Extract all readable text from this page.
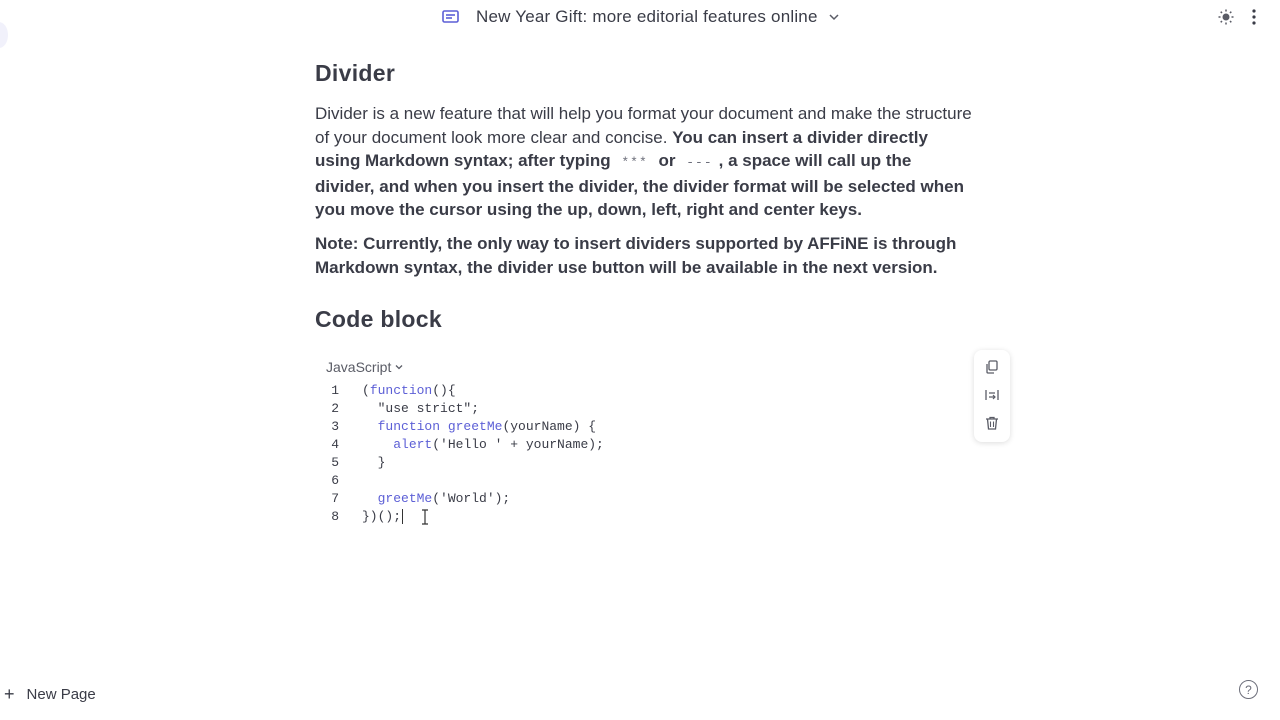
New Year Gift: more editorial features online
Divider

Divider is a new feature that will help you format your document and make the structure of your document look more clear and concise. You can insert a divider directly using Markdown syntax; after typing *** or --- , a space will call up the divider, and when you insert the divider, the divider format will be selected when you move the cursor using the up, down, left, right and center keys.

Note: Currently, the only way to insert dividers supported by AFFiNE is through Markdown syntax, the divider use button will be available in the next version.

Code block
JavaScript
1 ( function (){
2 "use strict";
3
	function greetMe (yourName) {
4
	alert ('Hello ' + yourName);
5 }
6
7
	greetMe ('World');
8 })();
+ New Page	?
